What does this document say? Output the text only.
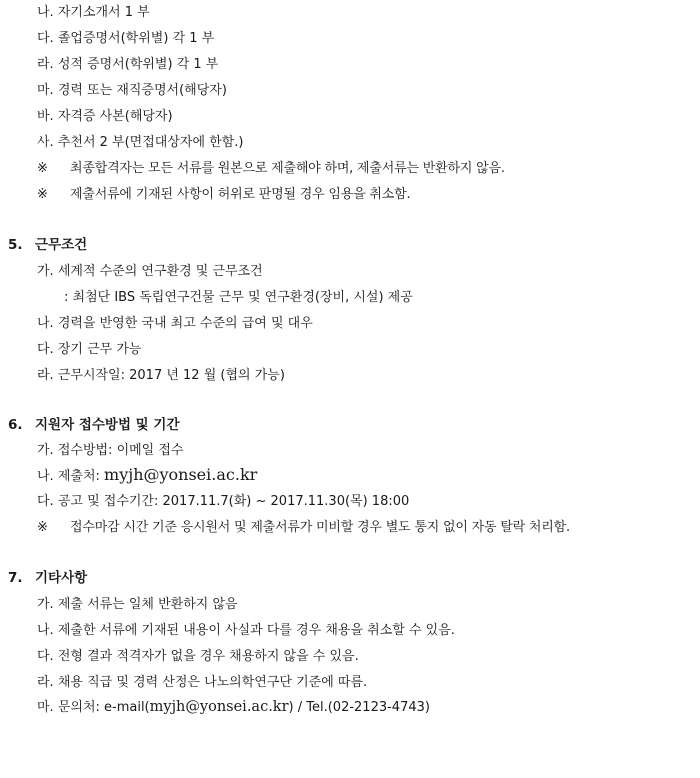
나. 자기소개서 1 부
다. 졸업증명서(학위별) 각 1 부
라. 성적 증명서(학위별) 각 1 부
마. 경력 또는 재직증명서(해당자)
바. 자격증 사본(해당자)
사. 추천서 2 부(면접대상자에 한함.)
※ 최종합격자는 모든 서류를 원본으로 제출해야 하며, 제출서류는 반환하지 않음.
※ 제출서류에 기재된 사항이 허위로 판명될 경우 임용을 취소함.
5. 근무조건
가. 세계적 수준의 연구환경 및 근무조건
: 최첨단 IBS 독립연구건물 근무 및 연구환경(장비, 시설) 제공
나. 경력을 반영한 국내 최고 수준의 급여 및 대우
다. 장기 근무 가능
라. 근무시작일: 2017 년 12 월 (협의 가능)
6. 지원자 접수방법 및 기간
가. 접수방법: 이메일 접수
나. 제출처: myjh@yonsei.ac.kr
다. 공고 및 접수기간: 2017.11.7(화) ~ 2017.11.30(목) 18:00
※ 접수마감 시간 기준 응시원서 및 제출서류가 미비할 경우 별도 통지 없이 자동 탈락 처리함.
7. 기타사항
가. 제출 서류는 일체 반환하지 않음
나. 제출한 서류에 기재된 내용이 사실과 다를 경우 채용을 취소할 수 있음.
다. 전형 결과 적격자가 없을 경우 채용하지 않을 수 있음.
라. 채용 직급 및 경력 산정은 나노의학연구단 기준에 따름.
마. 문의처: e-mail(myjh@yonsei.ac.kr) / Tel.(02-2123-4743)
